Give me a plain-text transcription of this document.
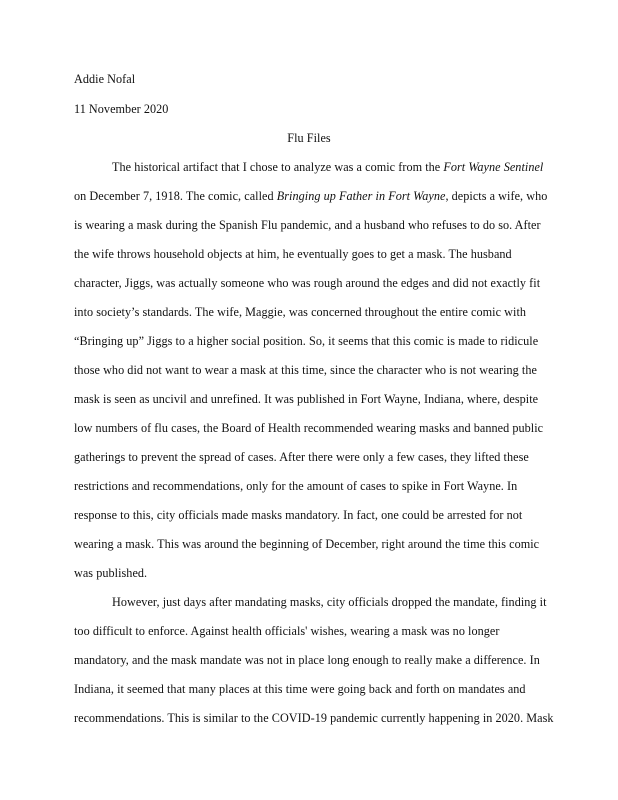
Addie Nofal
11 November 2020
Flu Files
The historical artifact that I chose to analyze was a comic from the Fort Wayne Sentinel
on December 7, 1918. The comic, called Bringing up Father in Fort Wayne, depicts a wife, who
is wearing a mask during the Spanish Flu pandemic, and a husband who refuses to do so. After
the wife throws household objects at him, he eventually goes to get a mask. The husband
character, Jiggs, was actually someone who was rough around the edges and did not exactly fit
into society’s standards. The wife, Maggie, was concerned throughout the entire comic with
“Bringing up” Jiggs to a higher social position. So, it seems that this comic is made to ridicule
those who did not want to wear a mask at this time, since the character who is not wearing the
mask is seen as uncivil and unrefined. It was published in Fort Wayne, Indiana, where, despite
low numbers of flu cases, the Board of Health recommended wearing masks and banned public
gatherings to prevent the spread of cases. After there were only a few cases, they lifted these
restrictions and recommendations, only for the amount of cases to spike in Fort Wayne. In
response to this, city officials made masks mandatory. In fact, one could be arrested for not
wearing a mask. This was around the beginning of December, right around the time this comic
was published.
However, just days after mandating masks, city officials dropped the mandate, finding it
too difficult to enforce. Against health officials' wishes, wearing a mask was no longer
mandatory, and the mask mandate was not in place long enough to really make a difference. In
Indiana, it seemed that many places at this time were going back and forth on mandates and
recommendations. This is similar to the COVID-19 pandemic currently happening in 2020. Mask
